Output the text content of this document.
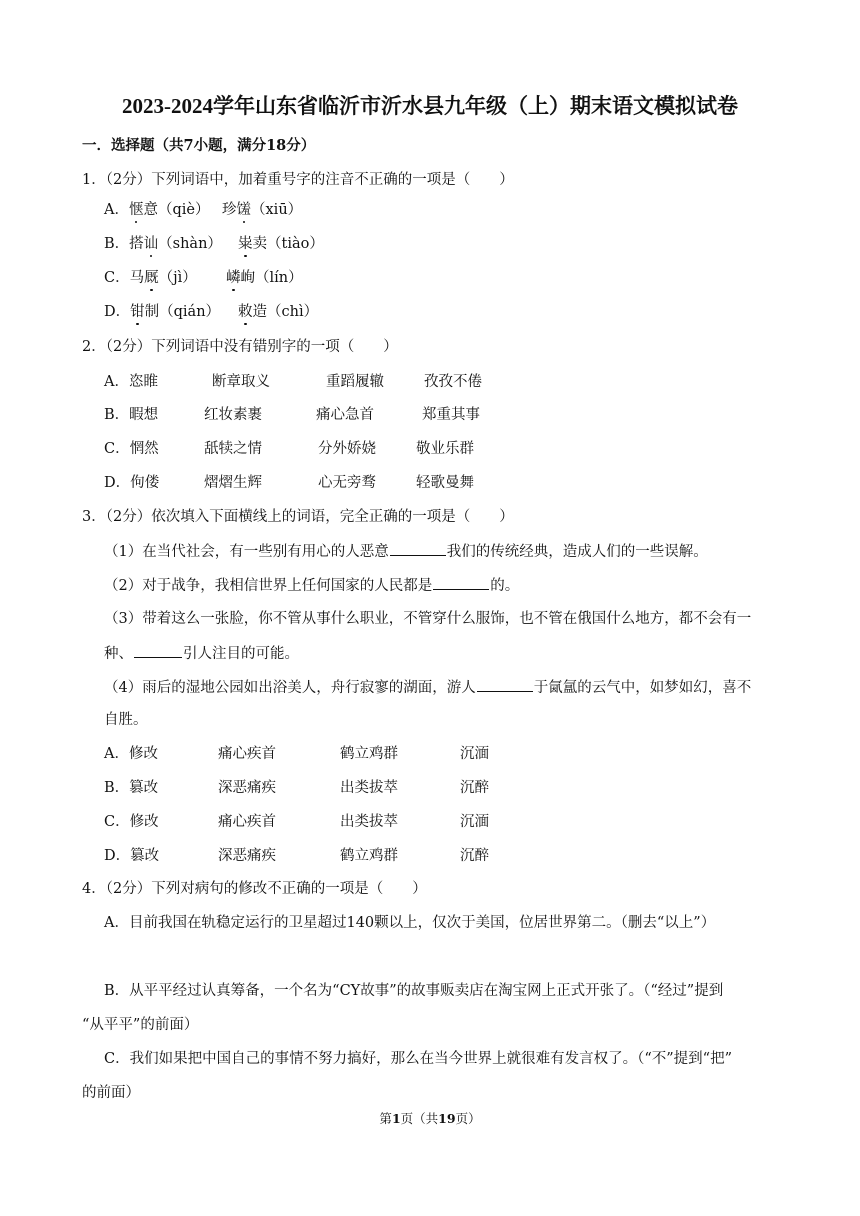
2023-2024学年山东省临沂市沂水县九年级（上）期末语文模拟试卷
一．选择题（共7小题，满分18分）
1．（2分）下列词语中，加着重号字的注音不正确的一项是（　　）
A．惬意（qiè） 珍馐（xiū）
B．搭讪（shàn） 粜卖（tiào）
C．马厩（jì） 嶙峋（lín）
D．钳制（qián） 敕造（chì）
2．（2分）下列词语中没有错别字的一项（　　）
A．恣睢	断章取义	重蹈履辙	孜孜不倦
B．暇想	红妆素裹	痛心急首	郑重其事
C．惘然	舐犊之情	分外娇娆	敬业乐群
D．佝偻	熠熠生辉	心无旁骛	轻歌曼舞
3．（2分）依次填入下面横线上的词语，完全正确的一项是（　　）
（1）在当代社会，有一些别有用心的人恶意	我们的传统经典，造成人们的一些误解。
（2）对于战争，我相信世界上任何国家的人民都是	的。
（3）带着这么一张脸，你不管从事什么职业，不管穿什么服饰，也不管在俄国什么地方，都不会有一
种、	引人注目的可能。
（4）雨后的湿地公园如出浴美人，舟行寂寥的湖面，游人	于氤氲的云气中，如梦如幻，喜不
自胜。
A．修改	痛心疾首	鹤立鸡群	沉湎
B．篡改	深恶痛疾	出类拔萃	沉醉
C．修改	痛心疾首	出类拔萃	沉湎
D．篡改	深恶痛疾	鹤立鸡群	沉醉
4．（2分）下列对病句的修改不正确的一项是（　　）
A．目前我国在轨稳定运行的卫星超过140颗以上，仅次于美国，位居世界第二。（删去“以上”）
B．从平平经过认真筹备，一个名为“CY故事”的故事贩卖店在淘宝网上正式开张了。（“经过”提到
“从平平”的前面）
C．我们如果把中国自己的事情不努力搞好，那么在当今世界上就很难有发言权了。（“不”提到“把”
的前面）
第1页（共19页）
